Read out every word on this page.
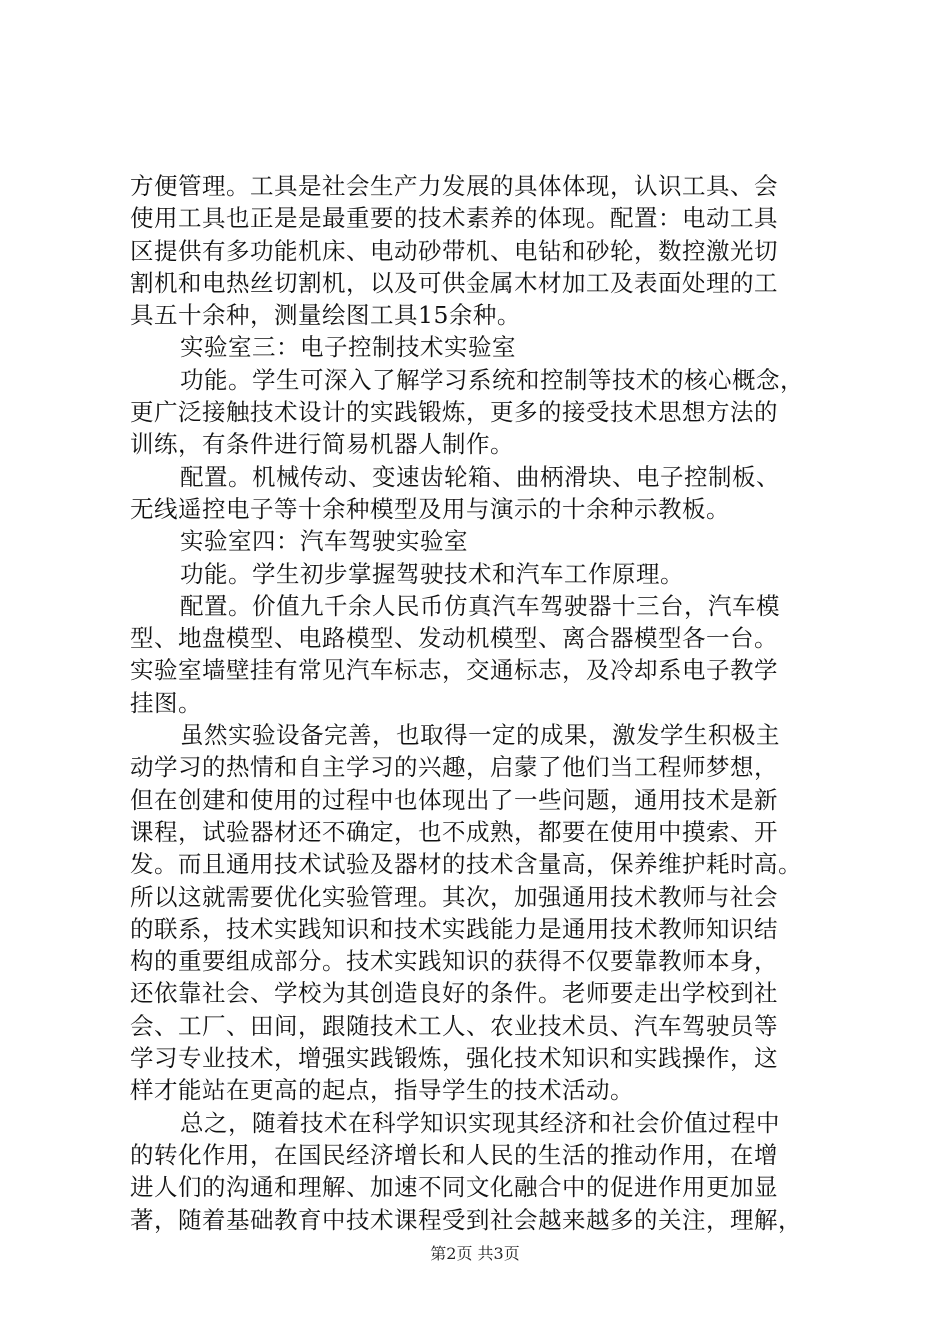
方便管理。工具是社会生产力发展的具体体现，认识工具、会
使用工具也正是是最重要的技术素养的体现。配置：电动工具
区提供有多功能机床、电动砂带机、电钻和砂轮，数控激光切
割机和电热丝切割机，以及可供金属木材加工及表面处理的工
具五十余种，测量绘图工具15余种。
实验室三：电子控制技术实验室
功能。学生可深入了解学习系统和控制等技术的核心概念，
更广泛接触技术设计的实践锻炼，更多的接受技术思想方法的
训练，有条件进行简易机器人制作。
配置。机械传动、变速齿轮箱、曲柄滑块、电子控制板、
无线遥控电子等十余种模型及用与演示的十余种示教板。
实验室四：汽车驾驶实验室
功能。学生初步掌握驾驶技术和汽车工作原理。
配置。价值九千余人民币仿真汽车驾驶器十三台，汽车模
型、地盘模型、电路模型、发动机模型、离合器模型各一台。
实验室墙壁挂有常见汽车标志，交通标志，及冷却系电子教学
挂图。
虽然实验设备完善，也取得一定的成果，激发学生积极主
动学习的热情和自主学习的兴趣，启蒙了他们当工程师梦想，
但在创建和使用的过程中也体现出了一些问题，通用技术是新
课程，试验器材还不确定，也不成熟，都要在使用中摸索、开
发。而且通用技术试验及器材的技术含量高，保养维护耗时高。
所以这就需要优化实验管理。其次，加强通用技术教师与社会
的联系，技术实践知识和技术实践能力是通用技术教师知识结
构的重要组成部分。技术实践知识的获得不仅要靠教师本身，
还依靠社会、学校为其创造良好的条件。老师要走出学校到社
会、工厂、田间，跟随技术工人、农业技术员、汽车驾驶员等
学习专业技术，增强实践锻炼，强化技术知识和实践操作，这
样才能站在更高的起点，指导学生的技术活动。
总之，随着技术在科学知识实现其经济和社会价值过程中
的转化作用，在国民经济增长和人民的生活的推动作用，在增
进人们的沟通和理解、加速不同文化融合中的促进作用更加显
著，随着基础教育中技术课程受到社会越来越多的关注，理解，
第2页 共3页
